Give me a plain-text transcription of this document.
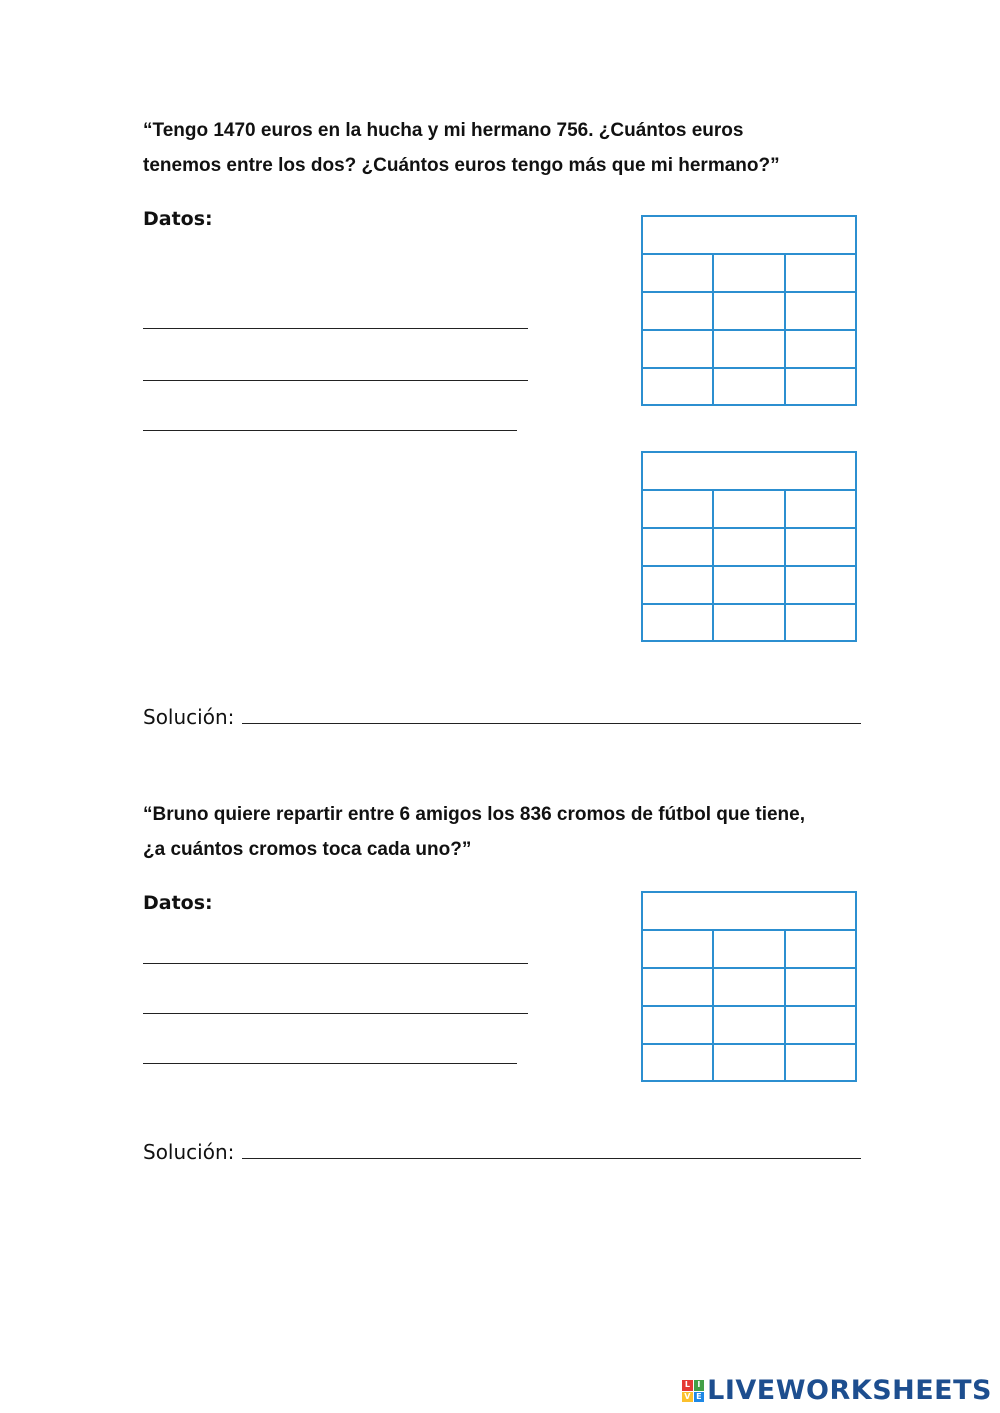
“Tengo 1470 euros en la hucha y mi hermano 756. ¿Cuántos euros
tenemos entre los dos? ¿Cuántos euros tengo más que mi hermano?”
Datos:
Solución:
“Bruno quiere repartir entre 6 amigos los 836 cromos de fútbol que tiene,
¿a cuántos cromos toca cada uno?”
Datos:
Solución:
L I
V E LIVEWORKSHEETS
